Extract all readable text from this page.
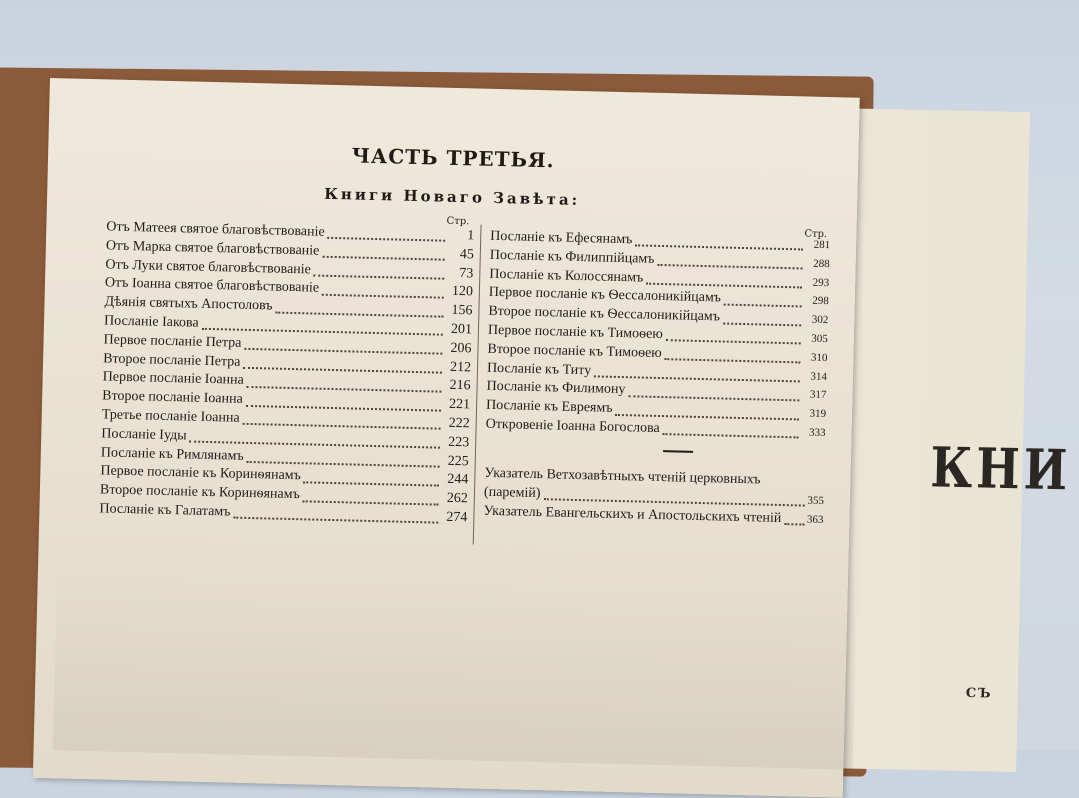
КНИ
СЪ
ЧАСТЬ ТРЕТЬЯ.
Книги Новаго Завѣта:
Стр.
Стр.
Отъ Матеея святое благовѣствованіе	1
Отъ Марка святое благовѣствованіе	45
Отъ Луки святое благовѣствованіе	73
Отъ Іоанна святое благовѣствованіе	120
Дѣянія святыхъ Апостоловъ	156
Посланіе Іакова	201
Первое посланіе Петра	206
Второе посланіе Петра	212
Первое посланіе Іоанна	216
Второе посланіе Іоанна	221
Третье посланіе Іоанна	222
Посланіе Іуды	223
Посланіе къ Римлянамъ	225
Первое посланіе къ Коринѳянамъ	244
Второе посланіе къ Коринѳянамъ	262
Посланіе къ Галатамъ	274
Посланіе къ Ефесянамъ	281
Посланіе къ Филиппійцамъ	288
Посланіе къ Колоссянамъ	293
Первое посланіе къ Ѳессалоникійцамъ	298
Второе посланіе къ Ѳессалоникійцамъ	302
Первое посланіе къ Тимоѳею	305
Второе посланіе къ Тимоѳею	310
Посланіе къ Титу	314
Посланіе къ Филимону	317
Посланіе къ Евреямъ	319
Откровеніе Іоанна Богослова	333
Указатель Ветхозавѣтныхъ чтеній церковныхъ
(паремій)	355
Указатель Евангельскихъ и Апостольскихъ чтеній 363
